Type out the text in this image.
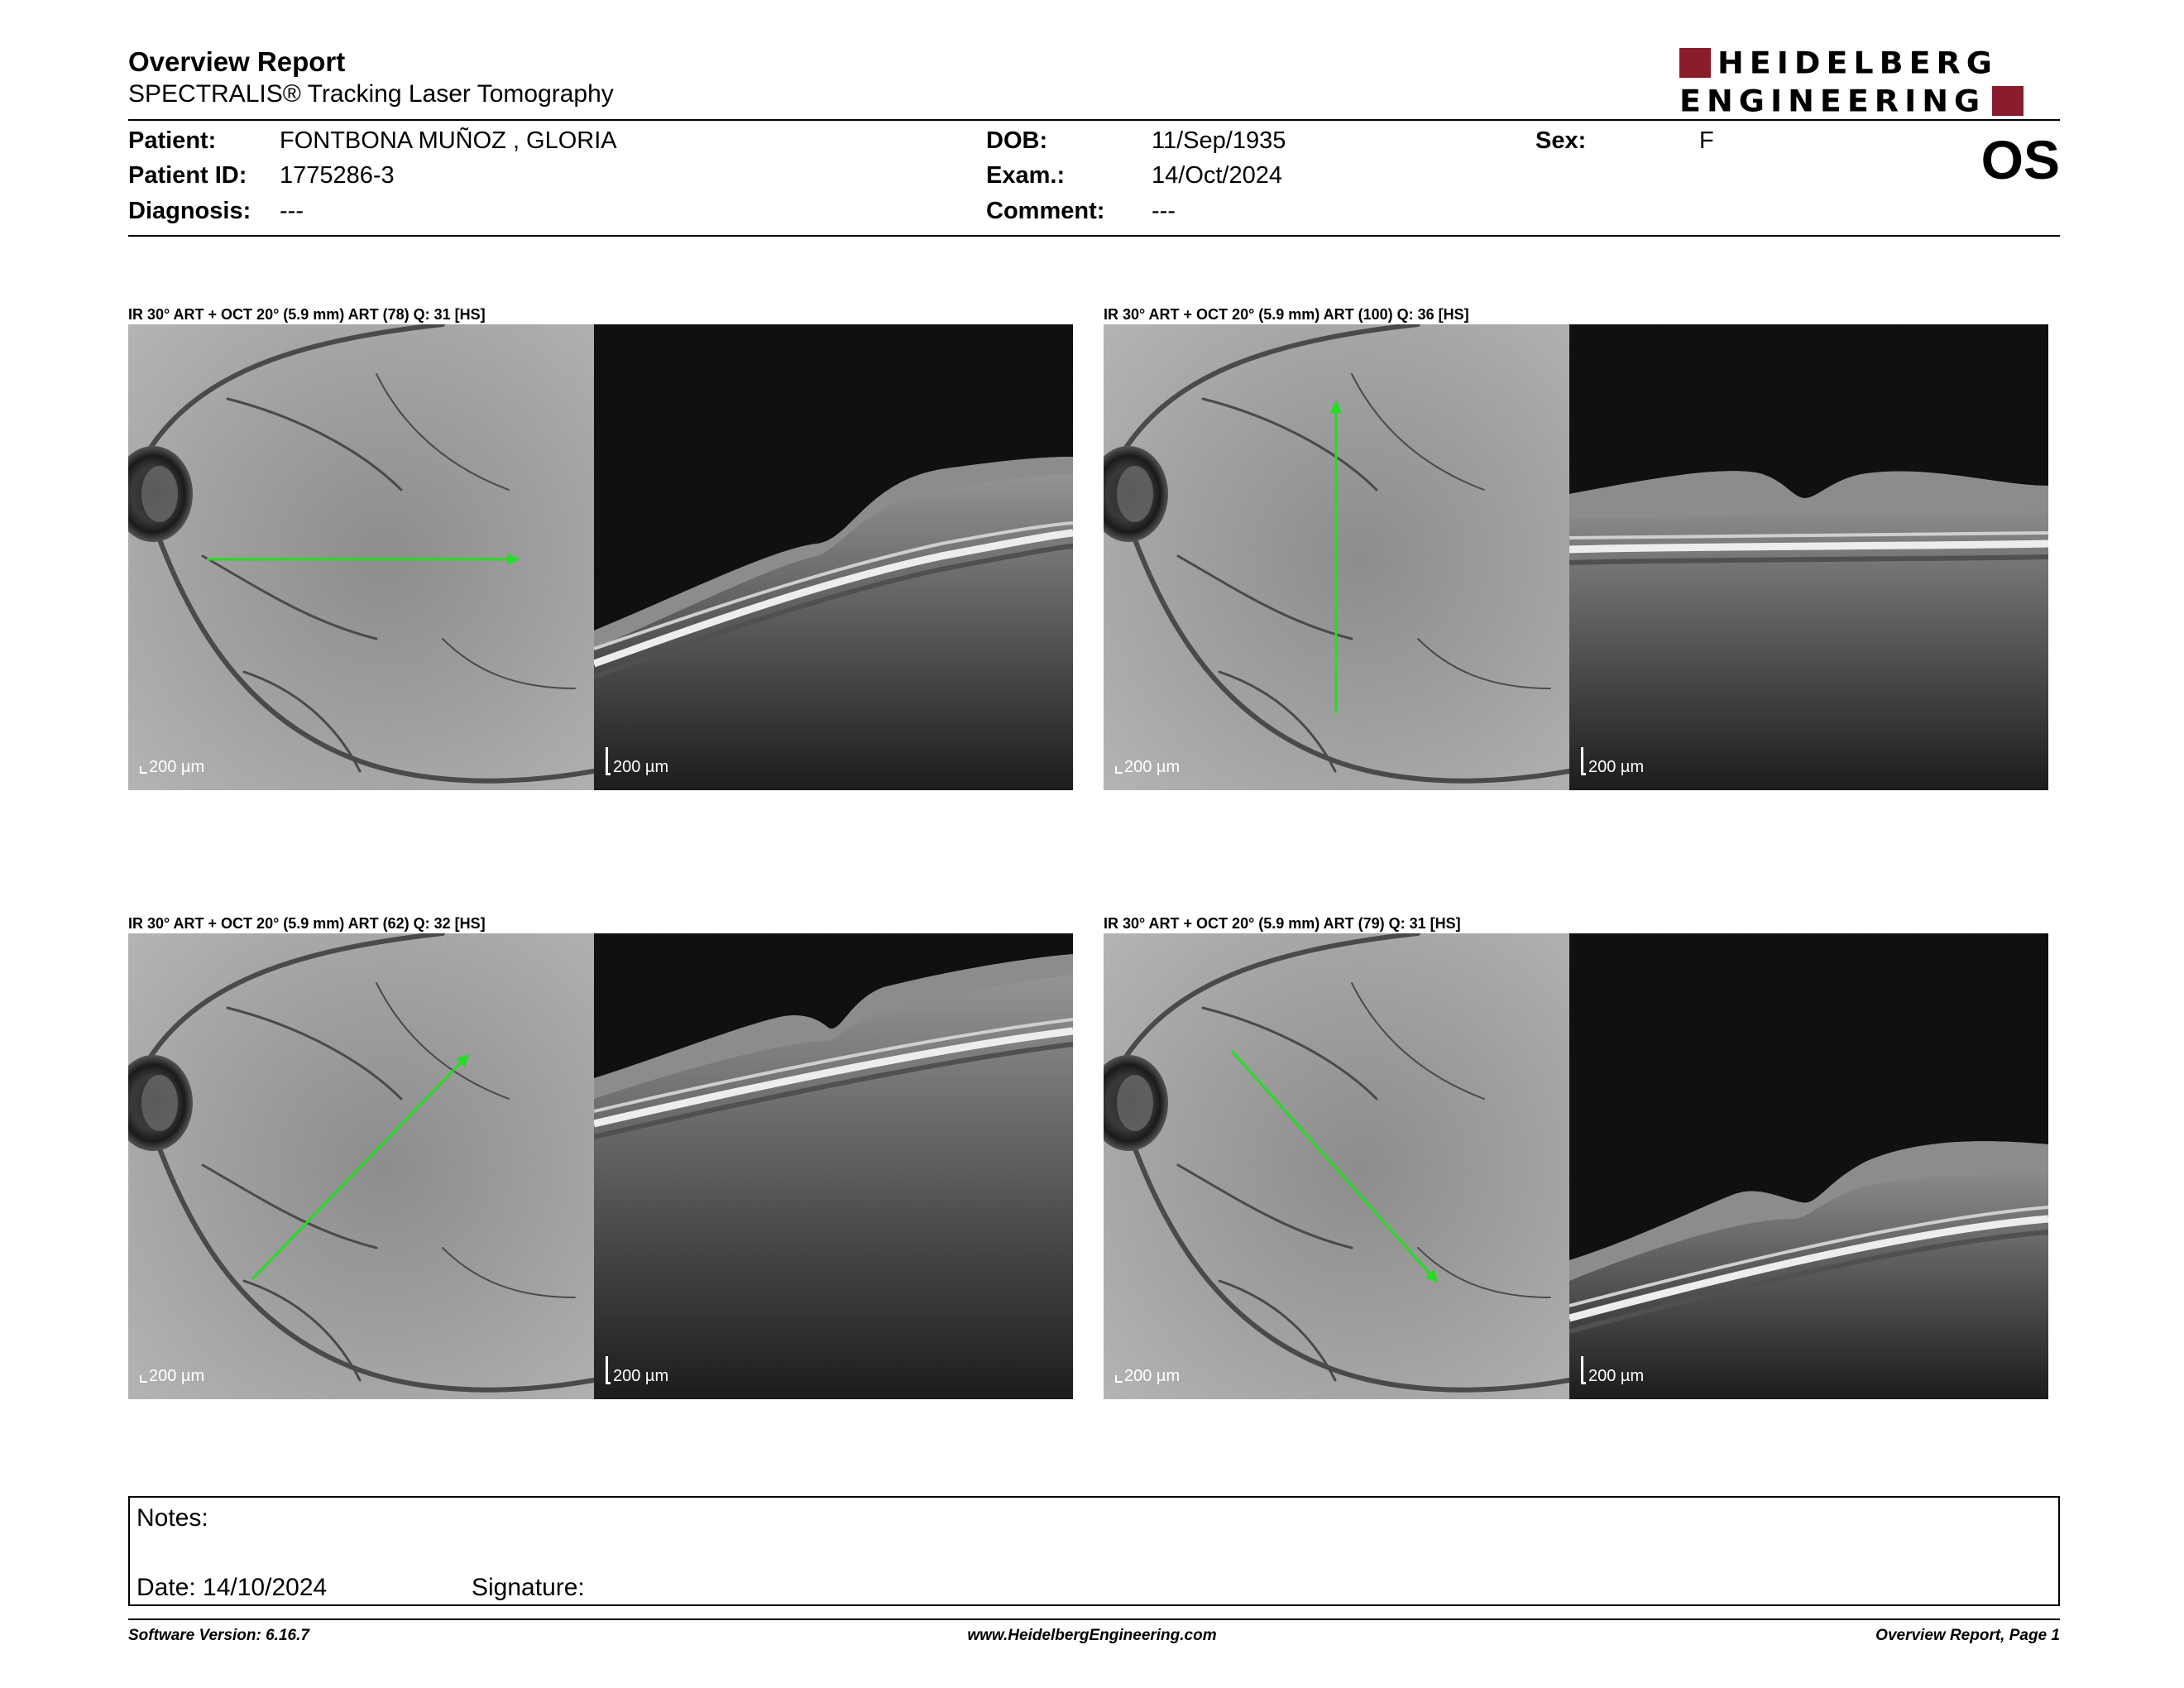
Overview Report
SPECTRALIS® Tracking Laser Tomography
HEIDELBERG
ENGINEERING
Patient:	FONTBONA MUÑOZ , GLORIA
Patient ID: 1775286-3
Diagnosis: ---
DOB:	11/Sep/1935
Exam.:	14/Oct/2024
Comment: ---
Sex:	F	OS
IR 30° ART + OCT 20° (5.9 mm) ART (78) Q: 31 [HS]
200 µm	200 µm
IR 30° ART + OCT 20° (5.9 mm) ART (100) Q: 36 [HS]
200 µm	200 µm
IR 30° ART + OCT 20° (5.9 mm) ART (62) Q: 32 [HS]
200 µm	200 µm
IR 30° ART + OCT 20° (5.9 mm) ART (79) Q: 31 [HS]
200 µm	200 µm
Notes:
Date: 14/10/2024	Signature:
Software Version: 6.16.7	www.HeidelbergEngineering.com	Overview Report, Page 1
